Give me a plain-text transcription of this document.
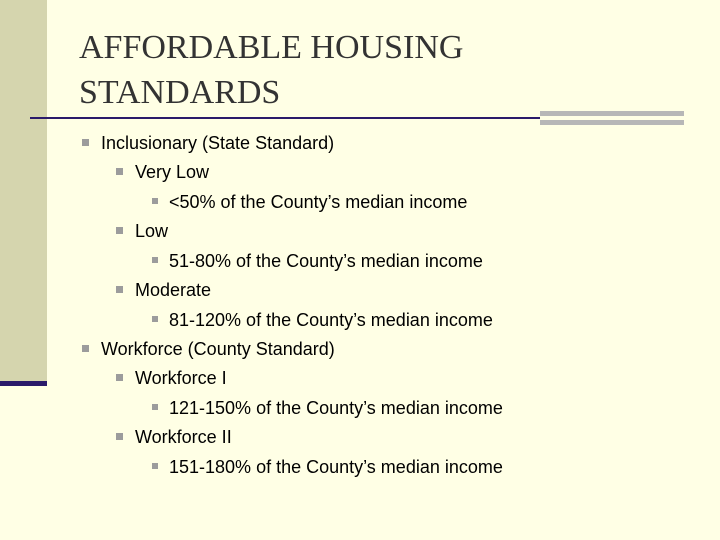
AFFORDABLE HOUSING
STANDARDS
Inclusionary (State Standard)
Very Low
<50% of the County’s median income
Low
51-80% of the County’s median income
Moderate
81-120% of the County’s median income
Workforce (County Standard)
Workforce I
121-150% of the County’s median income
Workforce II
151-180% of the County’s median income
